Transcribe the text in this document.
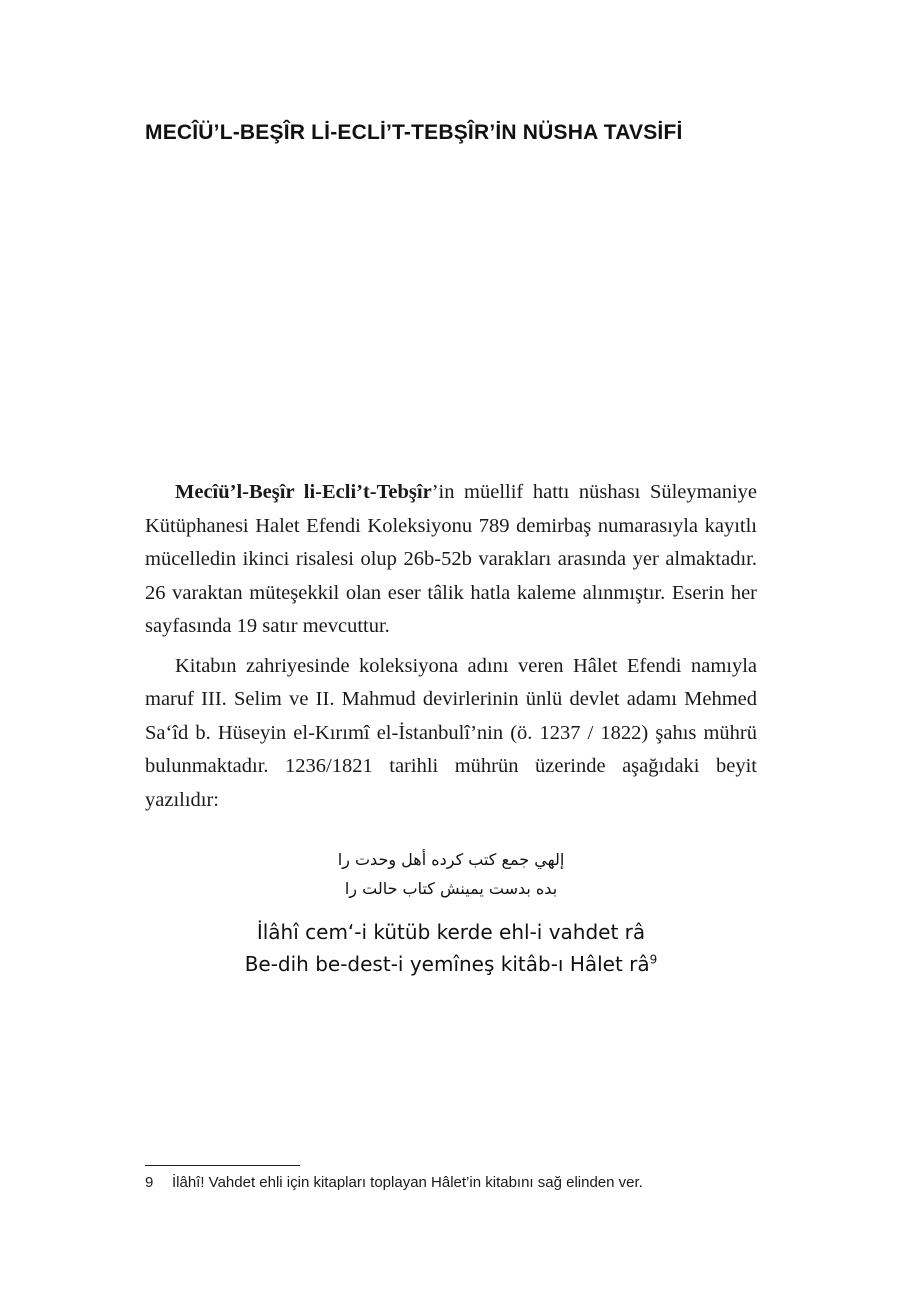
MECÎÜ’L-BEŞÎR Lİ-ECLİ’T-TEBŞÎR’İN NÜSHA TAVSİFİ

Mecîü’l-Beşîr li-Ecli’t-Tebşîr’in müellif hattı nüshası Süleymaniye Kütüphanesi Halet Efendi Koleksiyonu 789 demirbaş numarasıyla kayıtlı mücelledin ikinci risalesi olup 26b-52b varakları arasında yer almaktadır. 26 varaktan müteşekkil olan eser tâlik hatla kaleme alınmıştır. Eserin her sayfasında 19 satır mevcuttur.

Kitabın zahriyesinde koleksiyona adını veren Hâlet Efendi namıyla maruf III. Selim ve II. Mahmud devirlerinin ünlü devlet adamı Mehmed Sa‘îd b. Hüseyin el-Kırımî el-İstanbulî’nin (ö. 1237 / 1822) şahıs mührü bulunmaktadır. 1236/1821 tarihli mührün üzerinde aşağıdaki beyit yazılıdır:

إلهي جمع كتب كرده أهل وحدت را
بده بدست يمينش كتاب حالت را
İlâhî cem‘-i kütüb kerde ehl-i vahdet râ
Be-dih be-dest-i yemîneş kitâb-ı Hâlet $râ^9$
9 İlâhî! Vahdet ehli için kitapları toplayan Hâlet’in kitabını sağ elinden ver.
